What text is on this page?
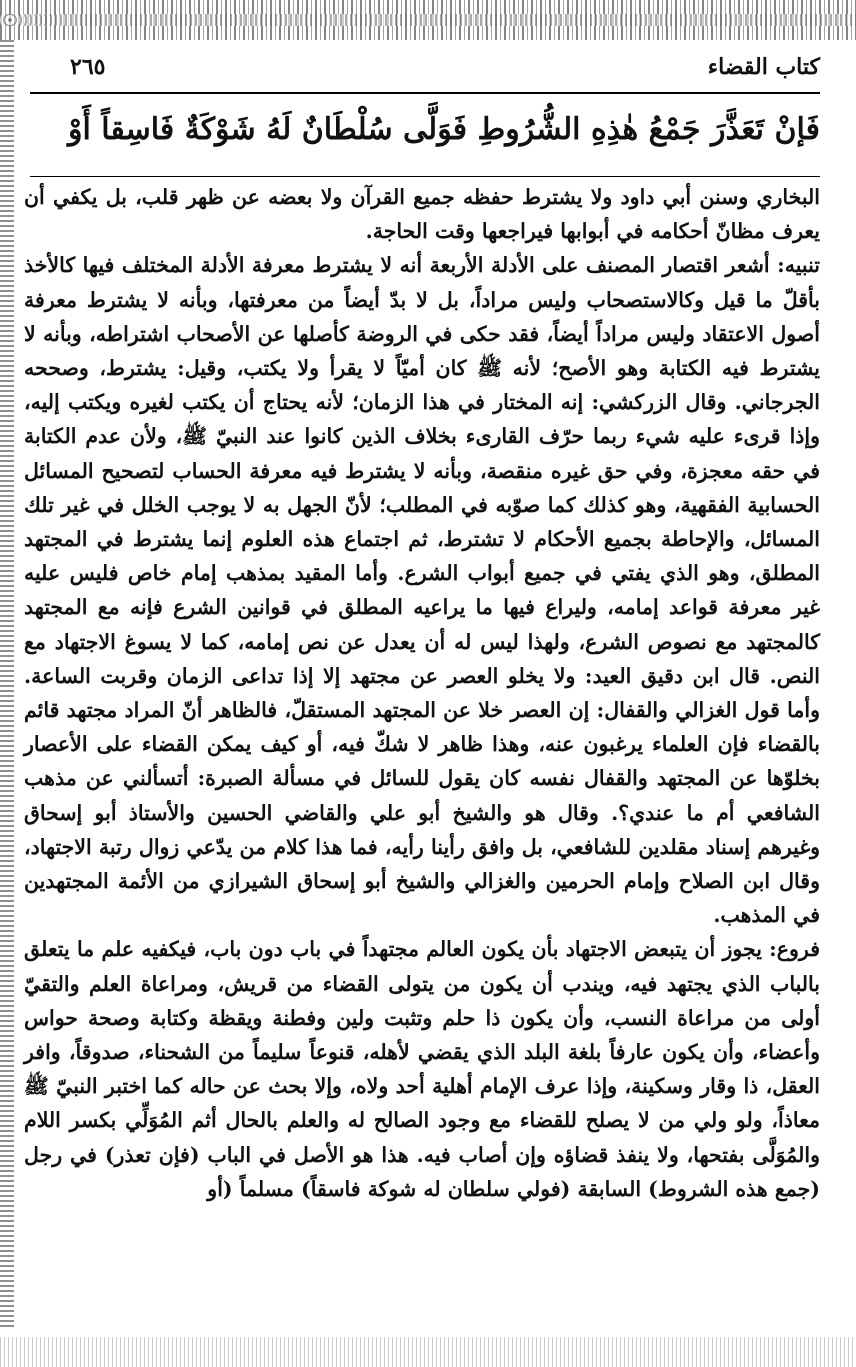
كتاب القضاء
٢٦٥
فَإنْ تَعَذَّرَ جَمْعُ هٰذِهِ الشُّرُوطِ فَوَلَّى سُلْطَانٌ لَهُ شَوْكَةٌ فَاسِقاً أَوْ

البخاري وسنن أبي داود ولا يشترط حفظه جميع القرآن ولا بعضه عن ظهر قلب، بل يكفي أن يعرف مظانّ أحكامه في أبوابها فيراجعها وقت الحاجة.

تنبيه: أشعر اقتصار المصنف على الأدلة الأربعة أنه لا يشترط معرفة الأدلة المختلف فيها كالأخذ بأقلّ ما قيل وكالاستصحاب وليس مراداً، بل لا بدّ أيضاً من معرفتها، وبأنه لا يشترط معرفة أصول الاعتقاد وليس مراداً أيضاً، فقد حكى في الروضة كأصلها عن الأصحاب اشتراطه، وبأنه لا يشترط فيه الكتابة وهو الأصح؛ لأنه ﷺ كان أميّاً لا يقرأ ولا يكتب، وقيل: يشترط، وصححه الجرجاني. وقال الزركشي: إنه المختار في هذا الزمان؛ لأنه يحتاج أن يكتب لغيره ويكتب إليه، وإذا قرىء عليه شيء ربما حرّف القارىء بخلاف الذين كانوا عند النبيّ ﷺ، ولأن عدم الكتابة في حقه معجزة، وفي حق غيره منقصة، وبأنه لا يشترط فيه معرفة الحساب لتصحيح المسائل الحسابية الفقهية، وهو كذلك كما صوّبه في المطلب؛ لأنّ الجهل به لا يوجب الخلل في غير تلك المسائل، والإحاطة بجميع الأحكام لا تشترط، ثم اجتماع هذه العلوم إنما يشترط في المجتهد المطلق، وهو الذي يفتي في جميع أبواب الشرع. وأما المقيد بمذهب إمام خاص فليس عليه غير معرفة قواعد إمامه، وليراع فيها ما يراعيه المطلق في قوانين الشرع فإنه مع المجتهد كالمجتهد مع نصوص الشرع، ولهذا ليس له أن يعدل عن نص إمامه، كما لا يسوغ الاجتهاد مع النص. قال ابن دقيق العيد: ولا يخلو العصر عن مجتهد إلا إذا تداعى الزمان وقربت الساعة. وأما قول الغزالي والقفال: إن العصر خلا عن المجتهد المستقلّ، فالظاهر أنّ المراد مجتهد قائم بالقضاء فإن العلماء يرغبون عنه، وهذا ظاهر لا شكّ فيه، أو كيف يمكن القضاء على الأعصار بخلوّها عن المجتهد والقفال نفسه كان يقول للسائل في مسألة الصبرة: أتسألني عن مذهب الشافعي أم ما عندي؟. وقال هو والشيخ أبو علي والقاضي الحسين والأستاذ أبو إسحاق وغيرهم إسناد مقلدين للشافعي، بل وافق رأينا رأيه، فما هذا كلام من يدّعي زوال رتبة الاجتهاد، وقال ابن الصلاح وإمام الحرمين والغزالي والشيخ أبو إسحاق الشيرازي من الأئمة المجتهدين في المذهب.

فروع: يجوز أن يتبعض الاجتهاد بأن يكون العالم مجتهداً في باب دون باب، فيكفيه علم ما يتعلق بالباب الذي يجتهد فيه، ويندب أن يكون من يتولى القضاء من قريش، ومراعاة العلم والتقيّ أولى من مراعاة النسب، وأن يكون ذا حلم وتثبت ولين وفطنة ويقظة وكتابة وصحة حواس وأعضاء، وأن يكون عارفاً بلغة البلد الذي يقضي لأهله، قنوعاً سليماً من الشحناء، صدوقاً، وافر العقل، ذا وقار وسكينة، وإذا عرف الإمام أهلية أحد ولاه، وإلا بحث عن حاله كما اختبر النبيّ ﷺ معاذاً، ولو ولي من لا يصلح للقضاء مع وجود الصالح له والعلم بالحال أثم المُوَلِّي بكسر اللام والمُوَلَّى بفتحها، ولا ينفذ قضاؤه وإن أصاب فيه. هذا هو الأصل في الباب (فإن تعذر) في رجل (جمع هذه الشروط) السابقة (فولي سلطان له شوكة فاسقاً) مسلماً (أو
